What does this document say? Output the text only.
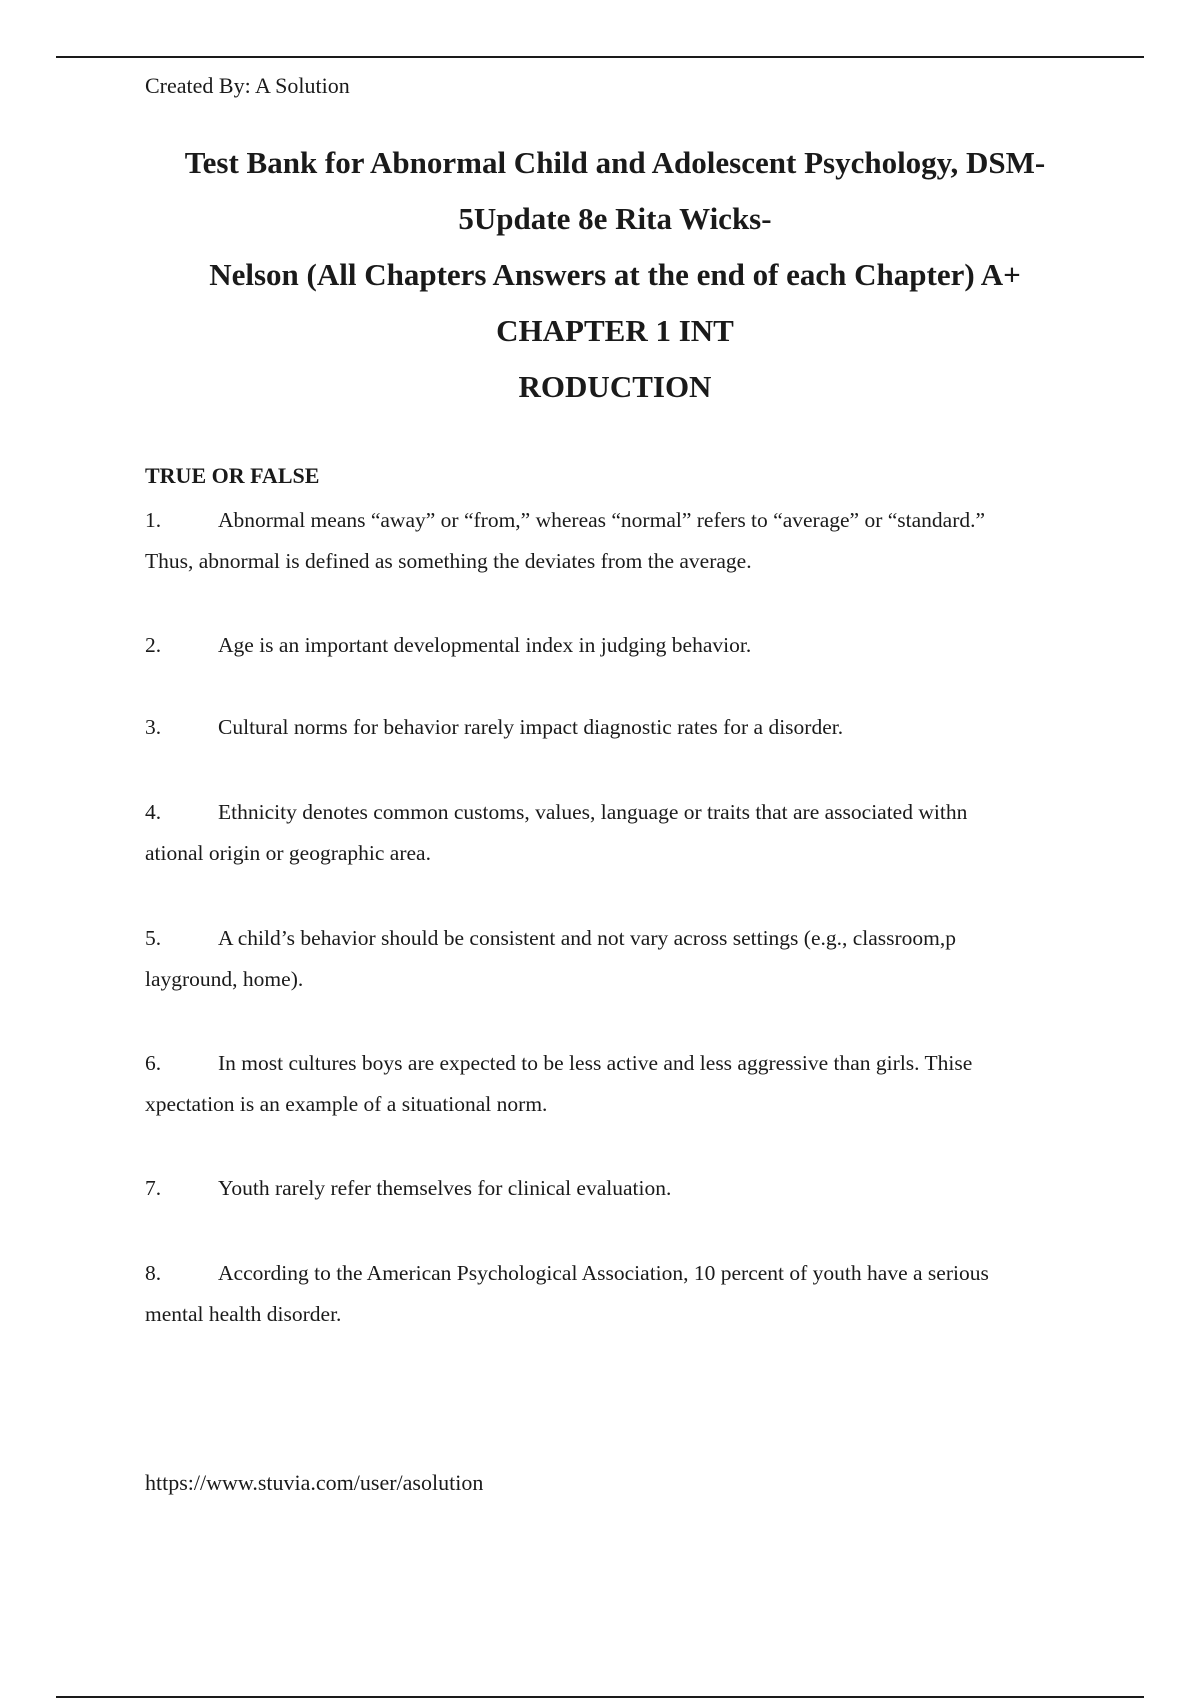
Created By: A Solution
Test Bank for Abnormal Child and Adolescent Psychology, DSM-
5Update 8e Rita Wicks-
Nelson (All Chapters Answers at the end of each Chapter) A+
CHAPTER 1 INT
RODUCTION
TRUE OR FALSE
1.	Abnormal means “away” or “from,” whereas “normal” refers to “average” or “standard.”
Thus, abnormal is defined as something the deviates from the average.
2.	Age is an important developmental index in judging behavior.
3.	Cultural norms for behavior rarely impact diagnostic rates for a disorder.
4.	Ethnicity denotes common customs, values, language or traits that are associated withn
ational origin or geographic area.
5.	A child’s behavior should be consistent and not vary across settings (e.g., classroom,p
layground, home).
6.	In most cultures boys are expected to be less active and less aggressive than girls. Thise
xpectation is an example of a situational norm.
7.	Youth rarely refer themselves for clinical evaluation.
8.	According to the American Psychological Association, 10 percent of youth have a serious
mental health disorder.
https://www.stuvia.com/user/asolution
